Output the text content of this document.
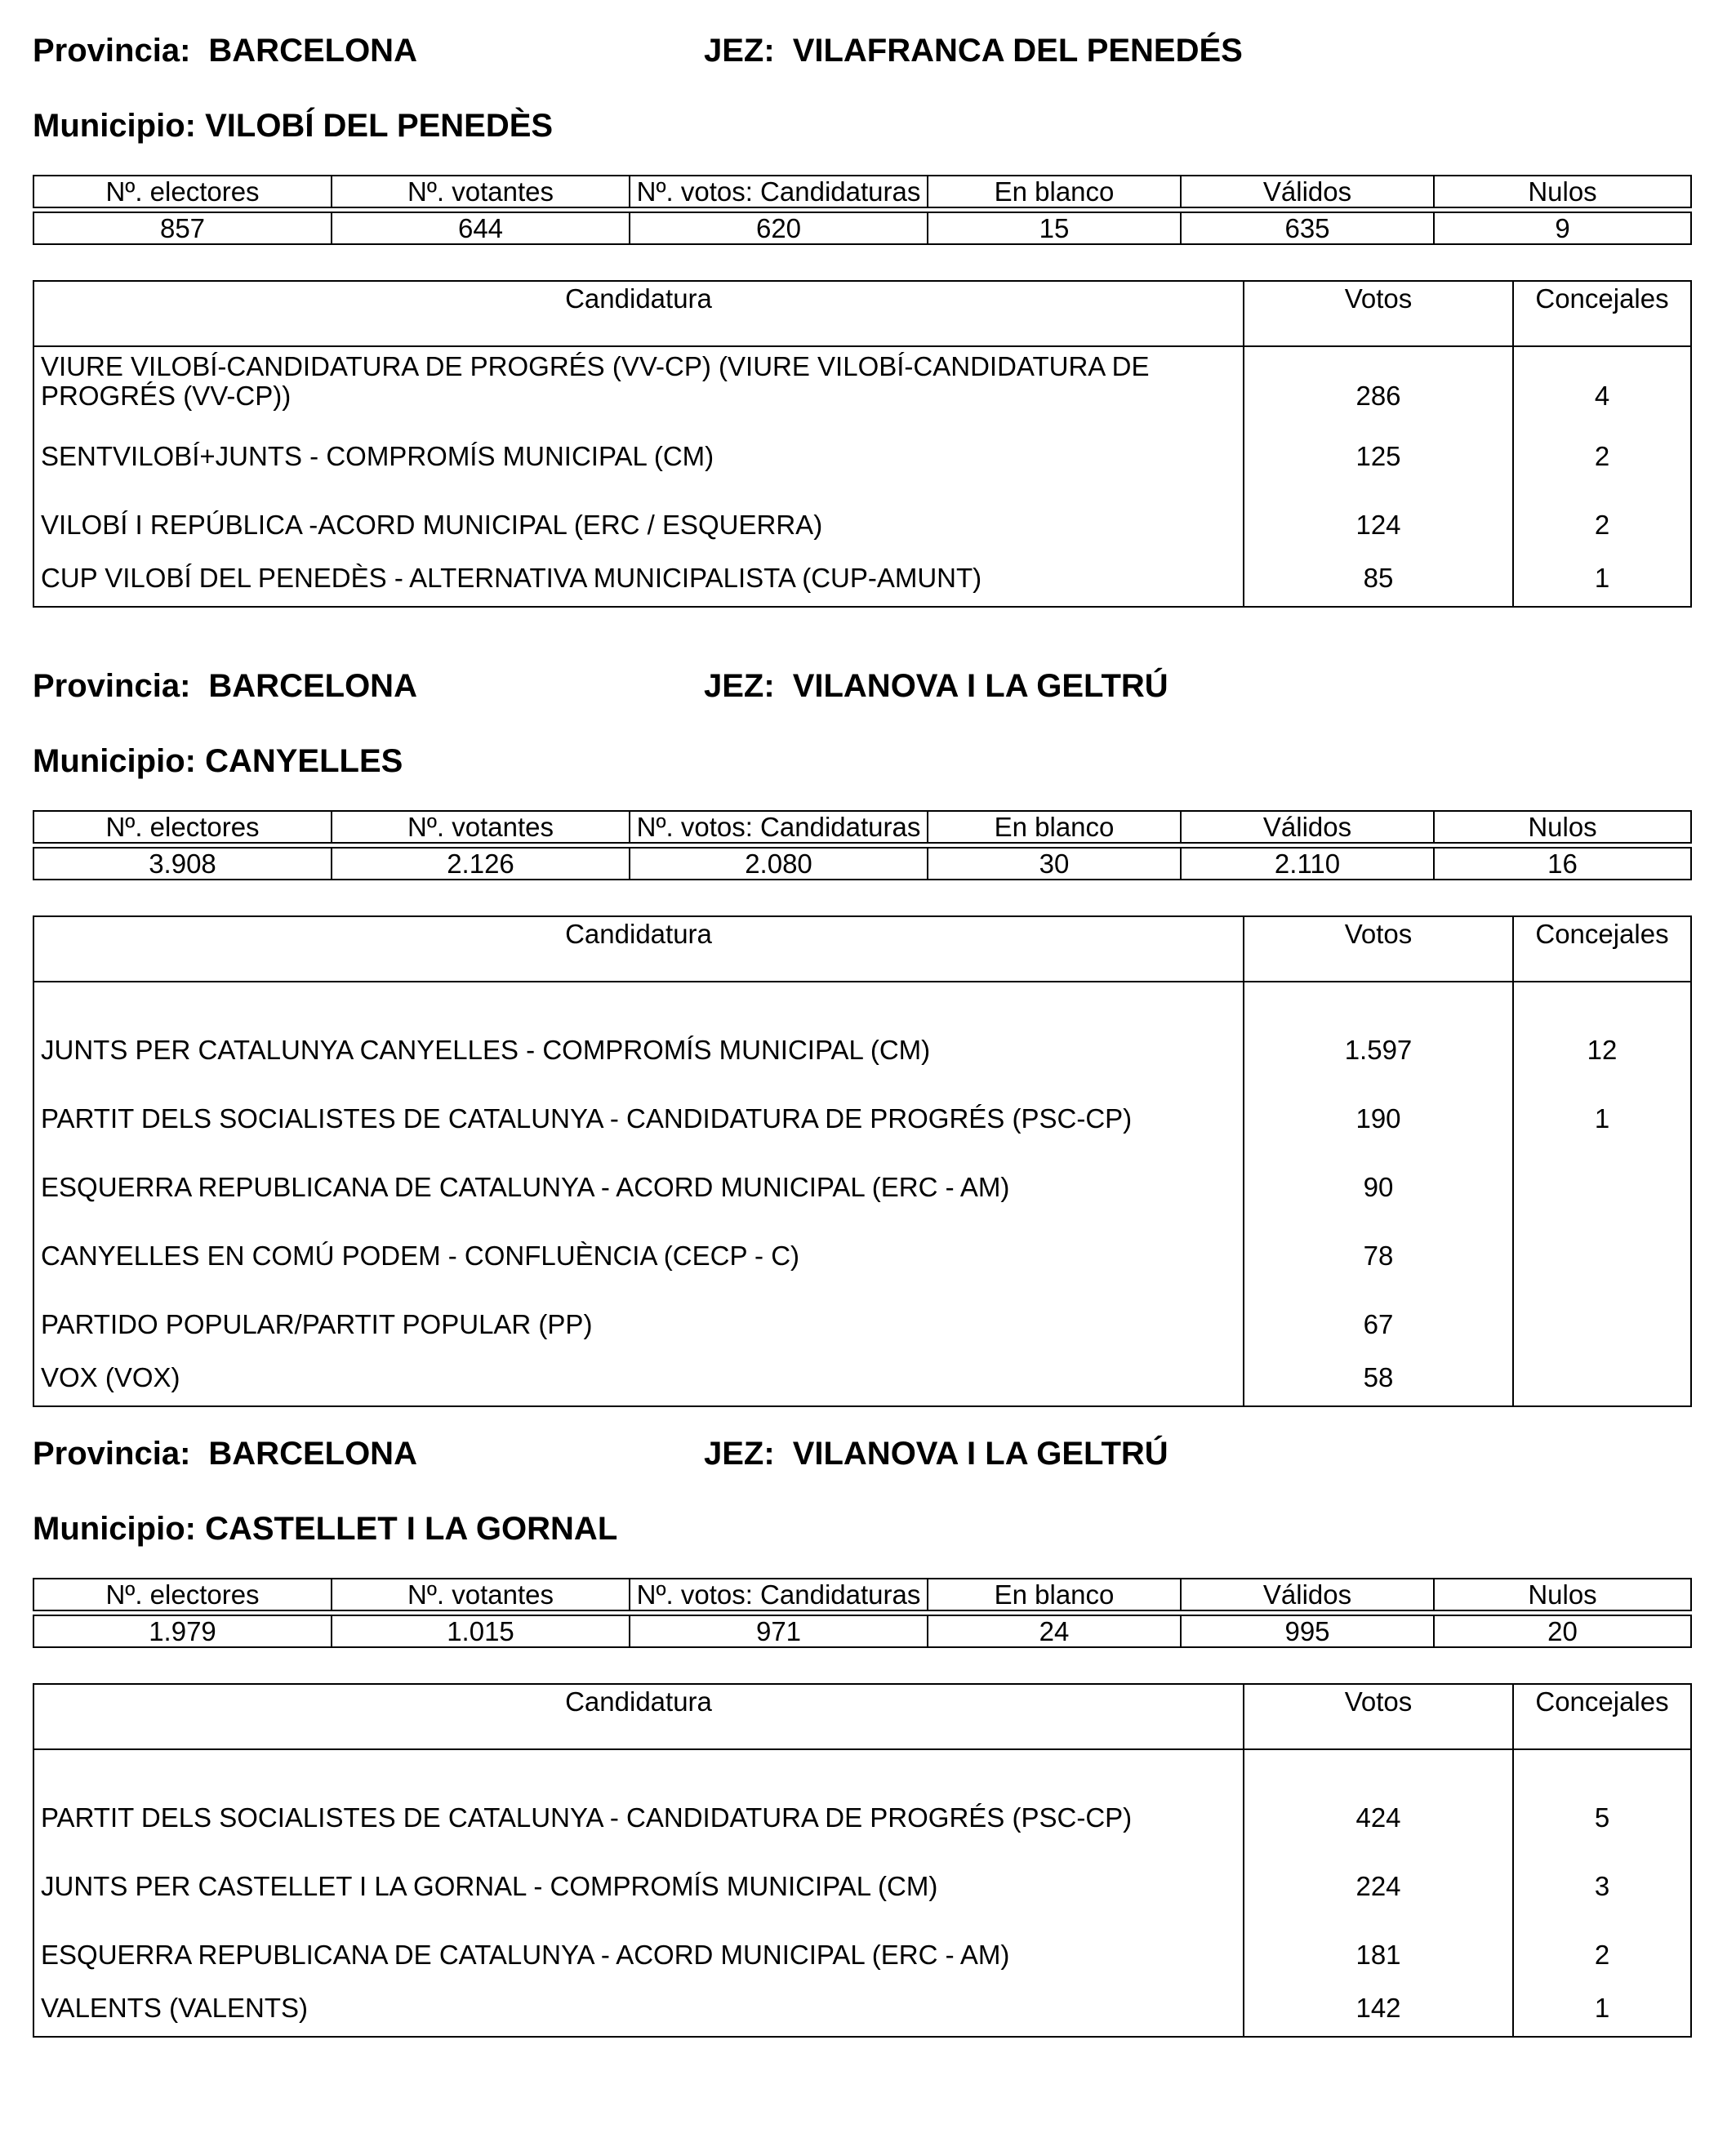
Provincia: BARCELONA	JEZ: VILAFRANCA DEL PENEDÉS
Municipio: VILOBÍ DEL PENEDÈS
Nº. electores	Nº. votantes	Nº. votos: Candidaturas	En blanco	Válidos	Nulos

857	644	620	15	635	9
Candidatura	Votos	Concejales
VIURE VILOBÍ-CANDIDATURA DE PROGRÉS (VV-CP) (VIURE VILOBÍ-CANDIDATURA DE PROGRÉS (VV-CP))	286	4
SENTVILOBÍ+JUNTS - COMPROMÍS MUNICIPAL (CM)	125	2
VILOBÍ I REPÚBLICA -ACORD MUNICIPAL (ERC / ESQUERRA)	124	2
CUP VILOBÍ DEL PENEDÈS - ALTERNATIVA MUNICIPALISTA (CUP-AMUNT)	85	1
Provincia: BARCELONA	JEZ: VILANOVA I LA GELTRÚ
Municipio: CANYELLES
Nº. electores	Nº. votantes	Nº. votos: Candidaturas	En blanco	Válidos	Nulos

3.908	2.126	2.080	30	2.110	16
Candidatura	Votos	Concejales

JUNTS PER CATALUNYA CANYELLES - COMPROMÍS MUNICIPAL (CM)	1.597	12
PARTIT DELS SOCIALISTES DE CATALUNYA - CANDIDATURA DE PROGRÉS (PSC-CP)	190	1
ESQUERRA REPUBLICANA DE CATALUNYA - ACORD MUNICIPAL (ERC - AM)	90	
CANYELLES EN COMÚ PODEM - CONFLUÈNCIA (CECP - C)	78	
PARTIDO POPULAR/PARTIT POPULAR (PP)	67	
VOX (VOX)	58	
Provincia: BARCELONA	JEZ: VILANOVA I LA GELTRÚ
Municipio: CASTELLET I LA GORNAL
Nº. electores	Nº. votantes	Nº. votos: Candidaturas	En blanco	Válidos	Nulos

1.979	1.015	971	24	995	20
Candidatura	Votos	Concejales

PARTIT DELS SOCIALISTES DE CATALUNYA - CANDIDATURA DE PROGRÉS (PSC-CP)	424	5
JUNTS PER CASTELLET I LA GORNAL - COMPROMÍS MUNICIPAL (CM)	224	3
ESQUERRA REPUBLICANA DE CATALUNYA - ACORD MUNICIPAL (ERC - AM)	181	2
VALENTS (VALENTS)	142	1
